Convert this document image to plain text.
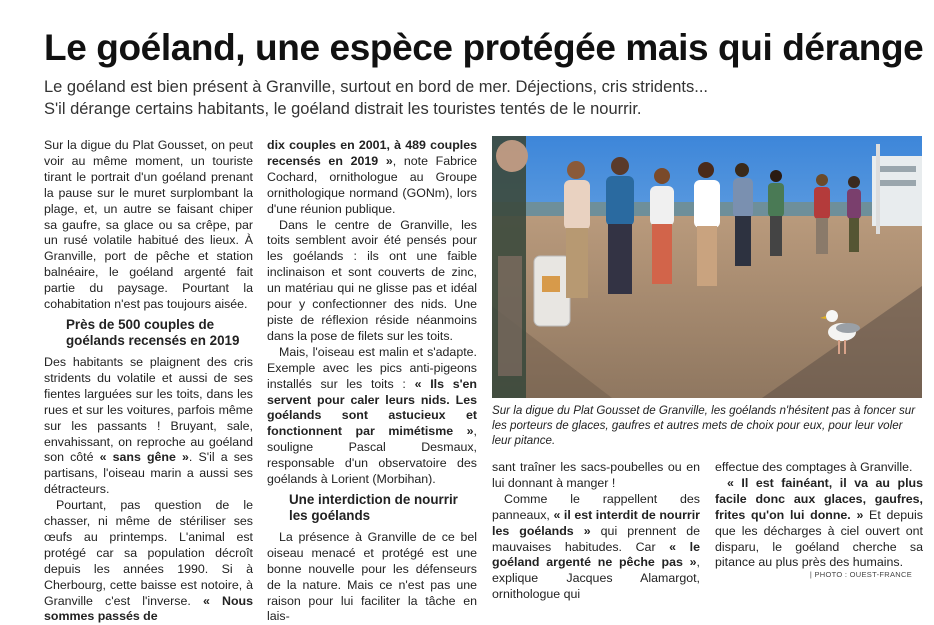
Le goéland, une espèce protégée mais qui dérange
Le goéland est bien présent à Granville, surtout en bord de mer. Déjections, cris stridents...
S'il dérange certains habitants, le goéland distrait les touristes tentés de le nourrir.

Sur la digue du Plat Gousset, on peut voir au même moment, un touriste tirant le portrait d'un goéland prenant la pause sur le muret surplombant la plage, et, un autre se faisant chiper sa gaufre, sa glace ou sa crêpe, par un rusé volatile habitué des lieux. À Granville, port de pêche et station balnéaire, le goéland argenté fait partie du paysage. Pourtant la cohabitation n'est pas toujours aisée.

Près de 500 couples de goélands recensés en 2019

Des habitants se plaignent des cris stridents du volatile et aussi de ses fientes larguées sur les toits, dans les rues et sur les voitures, parfois même sur les passants ! Bruyant, sale, envahissant, on reproche au goéland son côté « sans gêne ». S'il a ses partisans, l'oiseau marin a aussi ses détracteurs.

Pourtant, pas question de le chasser, ni même de stériliser ses œufs au printemps. L'animal est protégé car sa population décroît depuis les années 1990. Si à Cherbourg, cette baisse est notoire, à Granville c'est l'inverse. « Nous sommes passés de

dix couples en 2001, à 489 couples recensés en 2019 », note Fabrice Cochard, ornithologue au Groupe ornithologique normand (GONm), lors d'une réunion publique.

Dans le centre de Granville, les toits semblent avoir été pensés pour les goélands : ils ont une faible inclinaison et sont couverts de zinc, un matériau qui ne glisse pas et idéal pour y confectionner des nids. Une piste de réflexion réside néanmoins dans la pose de filets sur les toits.

Mais, l'oiseau est malin et s'adapte. Exemple avec les pics anti-pigeons installés sur les toits : « Ils s'en servent pour caler leurs nids. Les goélands sont astucieux et fonctionnent par mimétisme », souligne Pascal Desmaux, responsable d'un observatoire des goélands à Lorient (Morbihan).

Une interdiction de nourrir les goélands

La présence à Granville de ce bel oiseau menacé et protégé est une bonne nouvelle pour les défenseurs de la nature. Mais ce n'est pas une raison pour lui faciliter la tâche en lais-

| PHOTO : OUEST-FRANCE
Sur la digue du Plat Gousset de Granville, les goélands n'hésitent pas à foncer sur les porteurs de glaces, gaufres et autres mets de choix pour eux, pour leur voler leur pitance.

sant traîner les sacs-poubelles ou en lui donnant à manger !

Comme le rappellent des panneaux, « il est interdit de nourrir les goélands » qui prennent de mauvaises habitudes. Car « le goéland argenté ne pêche pas », explique Jacques Alamargot, ornithologue qui

effectue des comptages à Granville.

« Il est fainéant, il va au plus facile donc aux glaces, gaufres, frites qu'on lui donne. » Et depuis que les décharges à ciel ouvert ont disparu, le goéland cherche sa pitance au plus près des humains.
